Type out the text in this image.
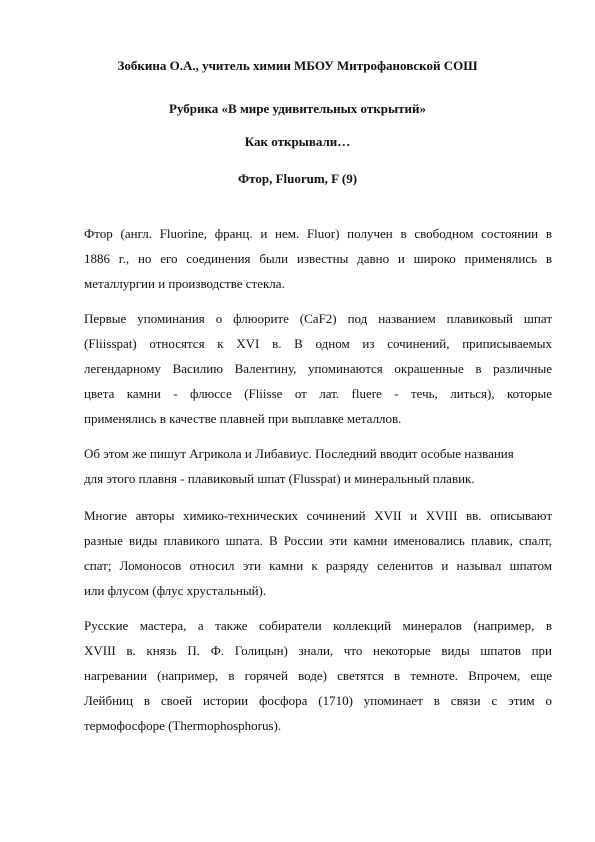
Зобкина О.А., учитель химии МБОУ Митрофановской СОШ
Рубрика «В мире удивительных открытий»
Как открывали…
Фтор, Fluorum, F (9)
Фтор (англ. Fluorine, франц. и нем. Fluor) получен в свободном состоянии в
1886 г., но его соединения были известны давно и широко применялись в
металлургии и производстве стекла.
Первые упоминания о флюорите (CaF2) под названием плавиковый шпат
(Fliisspat) относятся к XVI в. В одном из сочинений, приписываемых
легендарному Василию Валентину, упоминаются окрашенные в различные
цвета камни - флюссе (Fliisse от лат. fluere - течь, литься), которые
применялись в качестве плавней при выплавке металлов.
Об этом же пишут Агрикола и Либавиус. Последний вводит особые названия
для этого плавня - плавиковый шпат (Flusspat) и минеральный плавик.
Многие авторы химико-технических сочинений XVII и XVIII вв. описывают
разные виды плавикого шпата. В России эти камни именовались плавик, спалт,
спат; Ломоносов относил эти камни к разряду селенитов и называл шпатом
или флусом (флус хрустальный).
Русские мастера, а также собиратели коллекций минералов (например, в
XVIII в. князь П. Ф. Голицын) знали, что некоторые виды шпатов при
нагревании (например, в горячей воде) светятся в темноте. Впрочем, еще
Лейбниц в своей истории фосфора (1710) упоминает в связи с этим о
термофосфоре (Thermophosphorus).
